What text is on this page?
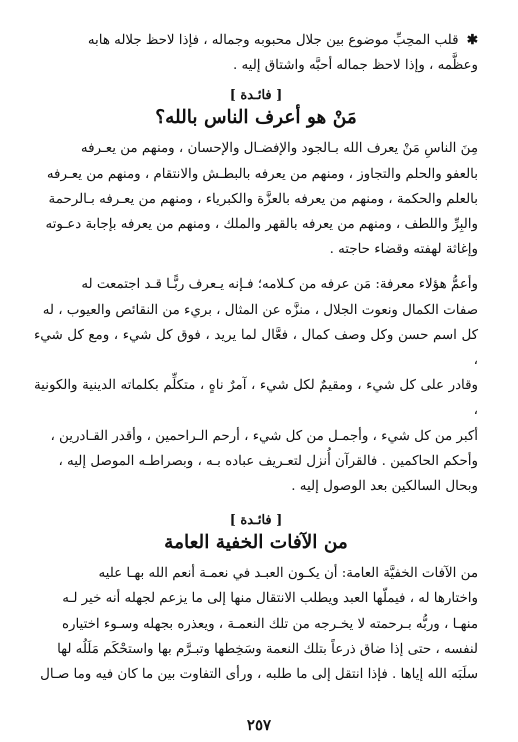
✱ قلب المحِبِّ موضوع بين جلال محبوبه وجماله ، فإذا لاحظ جلاله هابه

وعظَّمه ، وإذا لاحظ جماله أحبَّه واشتاق إليه .

[ فائـدة ]
مَنْ هو أعرف الناس بالله؟

مِنَ الناسِ مَنْ يعرف الله بـالجود والإفضـال والإحسان ، ومنهم من يعـرفه

بالعفو والحلم والتجاوز ، ومنهم من يعرفه بالبطـش والانتقام ، ومنهم من يعـرفه

بالعلم والحكمة ، ومنهم من يعرفه بالعزَّة والكبرياء ، ومنهم من يعـرفه بـالرحمة

والبِرِّ واللطف ، ومنهم من يعرفه بالقهر والملك ، ومنهم من يعرفه بإجابة دعـوته

وإغاثة لهفته وقضاء حاجته .

وأعمُّ هؤلاء معرفة: مَن عرفه من كـلامه؛ فـإنه يـعرف ربًّـا قـد اجتمعت له

صفات الكمال ونعوت الجلال ، منزَّه عن المثال ، بريء من النقائص والعيوب ، له

كل اسم حسن وكل وصف كمال ، فعَّال لما يريد ، فوق كل شيء ، ومع كل شيء ،

وقادر على كل شيء ، ومقيمٌ لكل شيء ، آمرٌ ناهٍ ، متكلِّم بكلماته الدينية والكونية ،

أكبر من كل شيء ، وأجمـل من كل شيء ، أرحم الـراحمين ، وأقدر القـادرين ،

وأحكم الحاكمين . فالقرآن أُنزل لتعـريف عباده بـه ، وبصراطـه الموصل إليه ،

وبحال السالكين بعد الوصول إليه .

[ فائـدة ]
من الآفات الخفية العامة

من الآفات الخفيَّة العامة: أن يكـون العبـد في نعمـة أنعم الله بهـا عليه

واختارها له ، فيملّها العبد ويطلب الانتقال منها إلى ما يزعم لجهله أنه خير لـه

منهـا ، وربُّه بـرحمته لا يخـرجه من تلك النعمـة ، ويعذره بجهله وسـوء اختياره

لنفسه ، حتى إذا ضاق ذرعاً بتلك النعمة وسَخِطها وتبـرَّم بها واستحْكَم مَلَلُه لها

سلَبَه الله إياها . فإذا انتقل إلى ما طلبه ، ورأى التفاوت بين ما كان فيه وما صـال

٢٥٧
